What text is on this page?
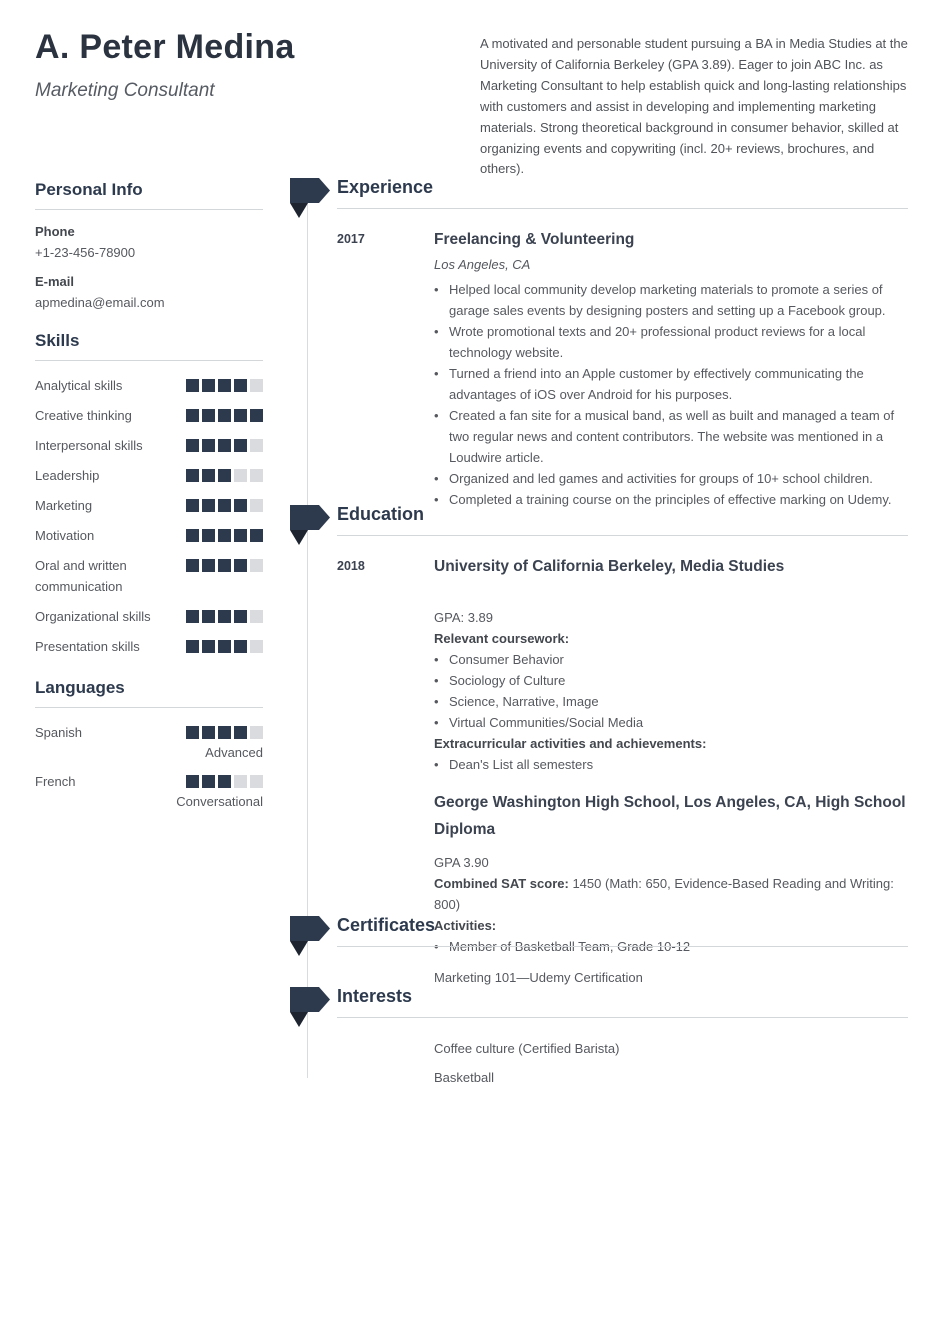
A. Peter Medina
Marketing Consultant

A motivated and personable student pursuing a BA in Media Studies at the University of California Berkeley (GPA 3.89). Eager to join ABC Inc. as Marketing Consultant to help establish quick and long-lasting relationships with customers and assist in developing and implementing marketing materials. Strong theoretical background in consumer behavior, skilled at organizing events and copywriting (incl. 20+ reviews, brochures, and others).

Personal Info
Phone
+1-23-456-78900
E-mail
apmedina@email.com
Skills
Analytical skills
Creative thinking
Interpersonal skills
Leadership
Marketing
Motivation
Oral and written communication
Organizational skills
Presentation skills
Languages
Spanish
Advanced
French
Conversational
Experience
2017	Freelancing & Volunteering
Los Angeles, CA
• Helped local community develop marketing materials to promote a series of garage sales events by designing posters and setting up a Facebook group.
• Wrote promotional texts and 20+ professional product reviews for a local technology website.
• Turned a friend into an Apple customer by effectively communicating the advantages of iOS over Android for his purposes.
• Created a fan site for a musical band, as well as built and managed a team of two regular news and content contributors. The website was mentioned in a Loudwire article.
• Organized and led games and activities for groups of 10+ school children.
• Completed a training course on the principles of effective marking on Udemy.
Education
2018	University of California Berkeley, Media Studies
GPA: 3.89
Relevant coursework:
• Consumer Behavior
• Sociology of Culture
• Science, Narrative, Image
• Virtual Communities/Social Media
Extracurricular activities and achievements:
• Dean's List all semesters
George Washington High School, Los Angeles, CA, High School Diploma
GPA 3.90
Combined SAT score: 1450 (Math: 650, Evidence-Based Reading and Writing: 800)
Activities:
• Member of Basketball Team, Grade 10-12
Certificates
Marketing 101—Udemy Certification
Interests
Coffee culture (Certified Barista)
Basketball
